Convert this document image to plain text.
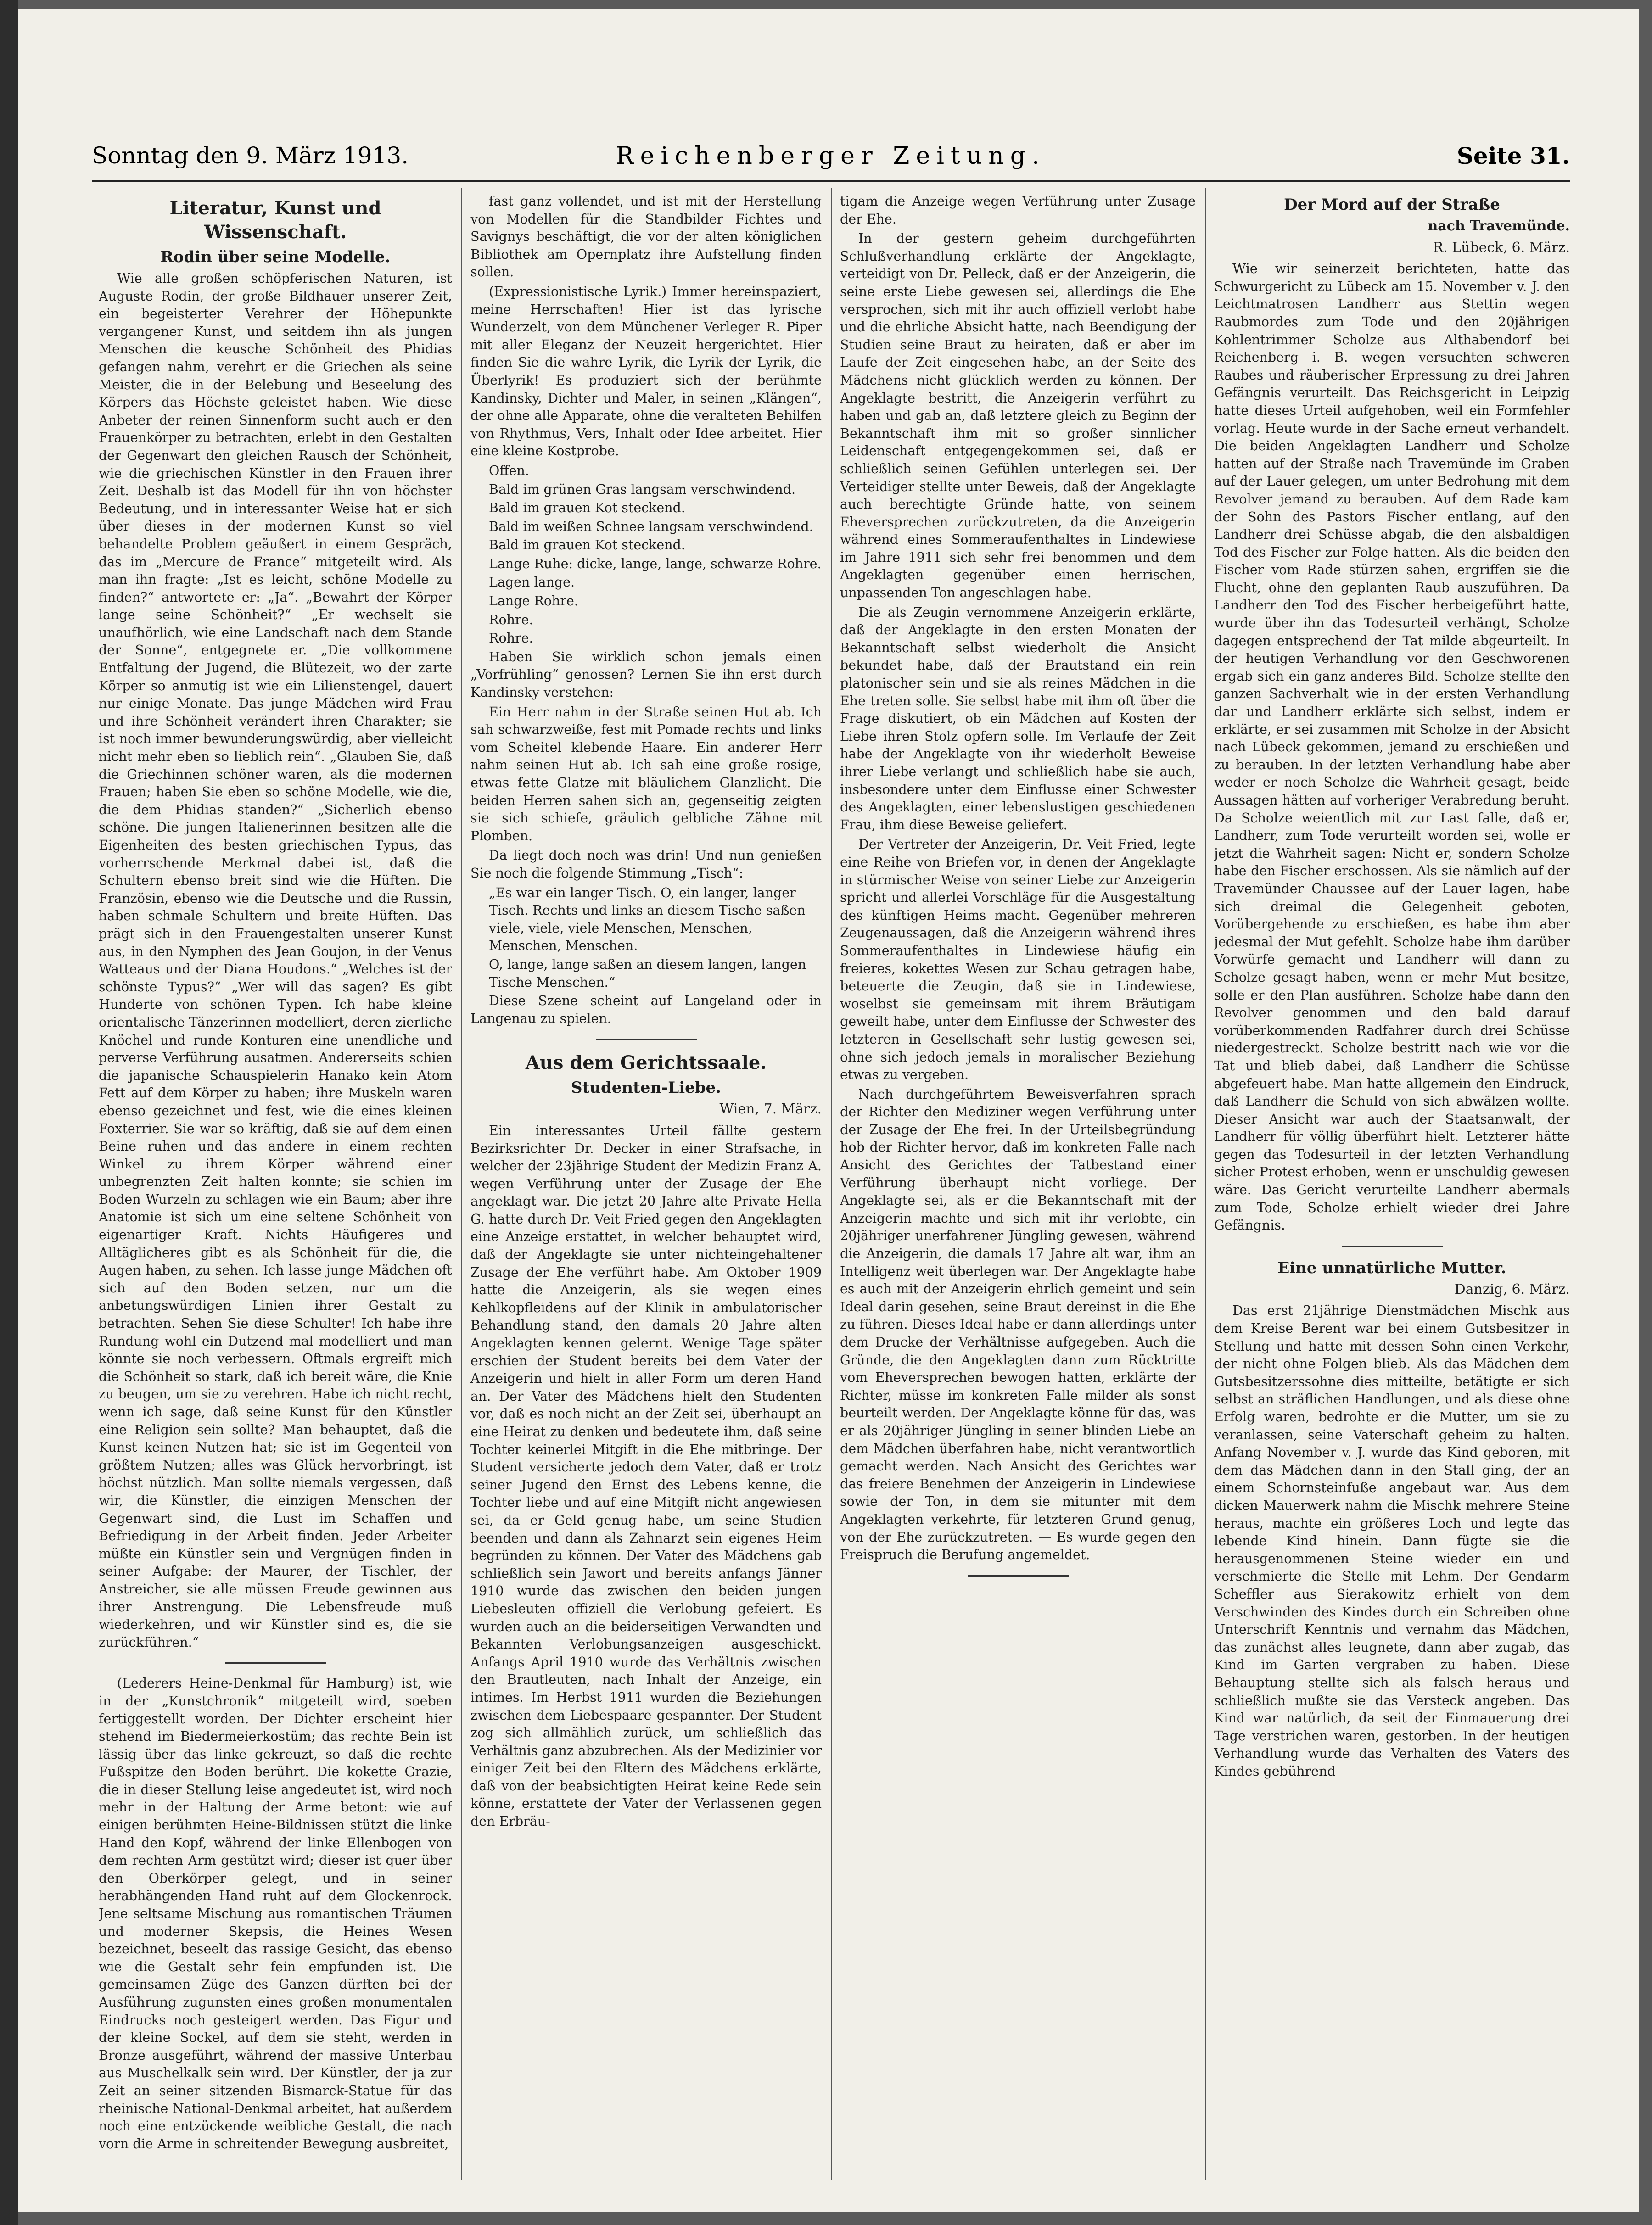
Sonntag den 9. März 1913.	Reichenberger Zeitung.	Seite 31.
Literatur, Kunst und Wissenschaft.
Rodin über seine Modelle.

Wie alle großen schöpferischen Naturen, ist Auguste Rodin, der große Bildhauer unserer Zeit, ein begeisterter Verehrer der Höhepunkte vergangener Kunst, und seitdem ihn als jungen Menschen die keusche Schönheit des Phidias gefangen nahm, verehrt er die Griechen als seine Meister, die in der Belebung und Beseelung des Körpers das Höchste geleistet haben. Wie diese Anbeter der reinen Sinnenform sucht auch er den Frauenkörper zu betrachten, erlebt in den Gestalten der Gegenwart den gleichen Rausch der Schönheit, wie die griechischen Künstler in den Frauen ihrer Zeit. Deshalb ist das Modell für ihn von höchster Bedeutung, und in interessanter Weise hat er sich über dieses in der modernen Kunst so viel behandelte Problem geäußert in einem Gespräch, das im „Mercure de France“ mitgeteilt wird. Als man ihn fragte: „Ist es leicht, schöne Modelle zu finden?“ antwortete er: „Ja“. „Bewahrt der Körper lange seine Schönheit?“ „Er wechselt sie unaufhörlich, wie eine Landschaft nach dem Stande der Sonne“, entgegnete er. „Die vollkommene Entfaltung der Jugend, die Blütezeit, wo der zarte Körper so anmutig ist wie ein Lilienstengel, dauert nur einige Monate. Das junge Mädchen wird Frau und ihre Schönheit verändert ihren Charakter; sie ist noch immer bewunderungswürdig, aber vielleicht nicht mehr eben so lieblich rein“. „Glauben Sie, daß die Griechinnen schöner waren, als die modernen Frauen; haben Sie eben so schöne Modelle, wie die, die dem Phidias standen?“ „Sicherlich ebenso schöne. Die jungen Italienerinnen besitzen alle die Eigenheiten des besten griechischen Typus, das vorherrschende Merkmal dabei ist, daß die Schultern ebenso breit sind wie die Hüften. Die Französin, ebenso wie die Deutsche und die Russin, haben schmale Schultern und breite Hüften. Das prägt sich in den Frauengestalten unserer Kunst aus, in den Nymphen des Jean Goujon, in der Venus Watteaus und der Diana Houdons.“ „Welches ist der schönste Typus?“ „Wer will das sagen? Es gibt Hunderte von schönen Typen. Ich habe kleine orientalische Tänzerinnen modelliert, deren zierliche Knöchel und runde Konturen eine unendliche und perverse Verführung ausatmen. Andererseits schien die japanische Schauspielerin Hanako kein Atom Fett auf dem Körper zu haben; ihre Muskeln waren ebenso gezeichnet und fest, wie die eines kleinen Foxterrier. Sie war so kräftig, daß sie auf dem einen Beine ruhen und das andere in einem rechten Winkel zu ihrem Körper während einer unbegrenzten Zeit halten konnte; sie schien im Boden Wurzeln zu schlagen wie ein Baum; aber ihre Anatomie ist sich um eine seltene Schönheit von eigenartiger Kraft. Nichts Häufigeres und Alltäglicheres gibt es als Schönheit für die, die Augen haben, zu sehen. Ich lasse junge Mädchen oft sich auf den Boden setzen, nur um die anbetungswürdigen Linien ihrer Gestalt zu betrachten. Sehen Sie diese Schulter! Ich habe ihre Rundung wohl ein Dutzend mal modelliert und man könnte sie noch verbessern. Oftmals ergreift mich die Schönheit so stark, daß ich bereit wäre, die Knie zu beugen, um sie zu verehren. Habe ich nicht recht, wenn ich sage, daß seine Kunst für den Künstler eine Religion sein sollte? Man behauptet, daß die Kunst keinen Nutzen hat; sie ist im Gegenteil von größtem Nutzen; alles was Glück hervorbringt, ist höchst nützlich. Man sollte niemals vergessen, daß wir, die Künstler, die einzigen Menschen der Gegenwart sind, die Lust im Schaffen und Befriedigung in der Arbeit finden. Jeder Arbeiter müßte ein Künstler sein und Vergnügen finden in seiner Aufgabe: der Maurer, der Tischler, der Anstreicher, sie alle müssen Freude gewinnen aus ihrer Anstrengung. Die Lebensfreude muß wiederkehren, und wir Künstler sind es, die sie zurückführen.“

(Lederers Heine-Denkmal für Hamburg) ist, wie in der „Kunstchronik“ mitgeteilt wird, soeben fertiggestellt worden. Der Dichter erscheint hier stehend im Biedermeierkostüm; das rechte Bein ist lässig über das linke gekreuzt, so daß die rechte Fußspitze den Boden berührt. Die kokette Grazie, die in dieser Stellung leise angedeutet ist, wird noch mehr in der Haltung der Arme betont: wie auf einigen berühmten Heine-Bildnissen stützt die linke Hand den Kopf, während der linke Ellenbogen von dem rechten Arm gestützt wird; dieser ist quer über den Oberkörper gelegt, und in seiner herabhängenden Hand ruht auf dem Glockenrock. Jene seltsame Mischung aus romantischen Träumen und moderner Skepsis, die Heines Wesen bezeichnet, beseelt das rassige Gesicht, das ebenso wie die Gestalt sehr fein empfunden ist. Die gemeinsamen Züge des Ganzen dürften bei der Ausführung zugunsten eines großen monumentalen Eindrucks noch gesteigert werden. Das Figur und der kleine Sockel, auf dem sie steht, werden in Bronze ausgeführt, während der massive Unterbau aus Muschelkalk sein wird. Der Künstler, der ja zur Zeit an seiner sitzenden Bismarck-Statue für das rheinische National-Denkmal arbeitet, hat außerdem noch eine entzückende weibliche Gestalt, die nach vorn die Arme in schreitender Bewegung ausbreitet,

fast ganz vollendet, und ist mit der Herstellung von Modellen für die Standbilder Fichtes und Savignys beschäftigt, die vor der alten königlichen Bibliothek am Opernplatz ihre Aufstellung finden sollen.

(Expressionistische Lyrik.) Immer hereinspaziert, meine Herrschaften! Hier ist das lyrische Wunderzelt, von dem Münchener Verleger R. Piper mit aller Eleganz der Neuzeit hergerichtet. Hier finden Sie die wahre Lyrik, die Lyrik der Lyrik, die Überlyrik! Es produziert sich der berühmte Kandinsky, Dichter und Maler, in seinen „Klängen“, der ohne alle Apparate, ohne die veralteten Behilfen von Rhythmus, Vers, Inhalt oder Idee arbeitet. Hier eine kleine Kostprobe.

Offen.

Bald im grünen Gras langsam verschwindend.

Bald im grauen Kot steckend.

Bald im weißen Schnee langsam verschwindend.

Bald im grauen Kot steckend.

Lange Ruhe: dicke, lange, lange, schwarze Rohre.

Lagen lange.

Lange Rohre.

Rohre.

Rohre.

Haben Sie wirklich schon jemals einen „Vorfrühling“ genossen? Lernen Sie ihn erst durch Kandinsky verstehen:

Ein Herr nahm in der Straße seinen Hut ab. Ich sah schwarzweiße, fest mit Pomade rechts und links vom Scheitel klebende Haare. Ein anderer Herr nahm seinen Hut ab. Ich sah eine große rosige, etwas fette Glatze mit bläulichem Glanzlicht. Die beiden Herren sahen sich an, gegenseitig zeigten sie sich schiefe, gräulich gelbliche Zähne mit Plomben.

Da liegt doch noch was drin! Und nun genießen Sie noch die folgende Stimmung „Tisch“:

„Es war ein langer Tisch. O, ein langer, langer Tisch. Rechts und links an diesem Tische saßen viele, viele, viele Menschen, Menschen, Menschen, Menschen.

O, lange, lange saßen an diesem langen, langen Tische Menschen.“

Diese Szene scheint auf Langeland oder in Langenau zu spielen.

Aus dem Gerichtssaale.
Studenten-Liebe.
Wien, 7. März.

Ein interessantes Urteil fällte gestern Bezirksrichter Dr. Decker in einer Strafsache, in welcher der 23jährige Student der Medizin Franz A. wegen Verführung unter der Zusage der Ehe angeklagt war. Die jetzt 20 Jahre alte Private Hella G. hatte durch Dr. Veit Fried gegen den Angeklagten eine Anzeige erstattet, in welcher behauptet wird, daß der Angeklagte sie unter nichteingehaltener Zusage der Ehe verführt habe. Am Oktober 1909 hatte die Anzeigerin, als sie wegen eines Kehlkopfleidens auf der Klinik in ambulatorischer Behandlung stand, den damals 20 Jahre alten Angeklagten kennen gelernt. Wenige Tage später erschien der Student bereits bei dem Vater der Anzeigerin und hielt in aller Form um deren Hand an. Der Vater des Mädchens hielt den Studenten vor, daß es noch nicht an der Zeit sei, überhaupt an eine Heirat zu denken und bedeutete ihm, daß seine Tochter keinerlei Mitgift in die Ehe mitbringe. Der Student versicherte jedoch dem Vater, daß er trotz seiner Jugend den Ernst des Lebens kenne, die Tochter liebe und auf eine Mitgift nicht angewiesen sei, da er Geld genug habe, um seine Studien beenden und dann als Zahnarzt sein eigenes Heim begründen zu können. Der Vater des Mädchens gab schließlich sein Jawort und bereits anfangs Jänner 1910 wurde das zwischen den beiden jungen Liebesleuten offiziell die Verlobung gefeiert. Es wurden auch an die beiderseitigen Verwandten und Bekannten Verlobungsanzeigen ausgeschickt. Anfangs April 1910 wurde das Verhältnis zwischen den Brautleuten, nach Inhalt der Anzeige, ein intimes. Im Herbst 1911 wurden die Beziehungen zwischen dem Liebespaare gespannter. Der Student zog sich allmählich zurück, um schließlich das Verhältnis ganz abzubrechen. Als der Medizinier vor einiger Zeit bei den Eltern des Mädchens erklärte, daß von der beabsichtigten Heirat keine Rede sein könne, erstattete der Vater der Verlassenen gegen den Erbräu-

tigam die Anzeige wegen Verführung unter Zusage der Ehe.

In der gestern geheim durchgeführten Schlußverhandlung erklärte der Angeklagte, verteidigt von Dr. Pelleck, daß er der Anzeigerin, die seine erste Liebe gewesen sei, allerdings die Ehe versprochen, sich mit ihr auch offiziell verlobt habe und die ehrliche Absicht hatte, nach Beendigung der Studien seine Braut zu heiraten, daß er aber im Laufe der Zeit eingesehen habe, an der Seite des Mädchens nicht glücklich werden zu können. Der Angeklagte bestritt, die Anzeigerin verführt zu haben und gab an, daß letztere gleich zu Beginn der Bekanntschaft ihm mit so großer sinnlicher Leidenschaft entgegengekommen sei, daß er schließlich seinen Gefühlen unterlegen sei. Der Verteidiger stellte unter Beweis, daß der Angeklagte auch berechtigte Gründe hatte, von seinem Eheversprechen zurückzutreten, da die Anzeigerin während eines Sommeraufenthaltes in Lindewiese im Jahre 1911 sich sehr frei benommen und dem Angeklagten gegenüber einen herrischen, unpassenden Ton angeschlagen habe.

Die als Zeugin vernommene Anzeigerin erklärte, daß der Angeklagte in den ersten Monaten der Bekanntschaft selbst wiederholt die Ansicht bekundet habe, daß der Brautstand ein rein platonischer sein und sie als reines Mädchen in die Ehe treten solle. Sie selbst habe mit ihm oft über die Frage diskutiert, ob ein Mädchen auf Kosten der Liebe ihren Stolz opfern solle. Im Verlaufe der Zeit habe der Angeklagte von ihr wiederholt Beweise ihrer Liebe verlangt und schließlich habe sie auch, insbesondere unter dem Einflusse einer Schwester des Angeklagten, einer lebenslustigen geschiedenen Frau, ihm diese Beweise geliefert.

Der Vertreter der Anzeigerin, Dr. Veit Fried, legte eine Reihe von Briefen vor, in denen der Angeklagte in stürmischer Weise von seiner Liebe zur Anzeigerin spricht und allerlei Vorschläge für die Ausgestaltung des künftigen Heims macht. Gegenüber mehreren Zeugenaussagen, daß die Anzeigerin während ihres Sommeraufenthaltes in Lindewiese häufig ein freieres, kokettes Wesen zur Schau getragen habe, beteuerte die Zeugin, daß sie in Lindewiese, woselbst sie gemeinsam mit ihrem Bräutigam geweilt habe, unter dem Einflusse der Schwester des letzteren in Gesellschaft sehr lustig gewesen sei, ohne sich jedoch jemals in moralischer Beziehung etwas zu vergeben.

Nach durchgeführtem Beweisverfahren sprach der Richter den Mediziner wegen Verführung unter der Zusage der Ehe frei. In der Urteilsbegründung hob der Richter hervor, daß im konkreten Falle nach Ansicht des Gerichtes der Tatbestand einer Verführung überhaupt nicht vorliege. Der Angeklagte sei, als er die Bekanntschaft mit der Anzeigerin machte und sich mit ihr verlobte, ein 20jähriger unerfahrener Jüngling gewesen, während die Anzeigerin, die damals 17 Jahre alt war, ihm an Intelligenz weit überlegen war. Der Angeklagte habe es auch mit der Anzeigerin ehrlich gemeint und sein Ideal darin gesehen, seine Braut dereinst in die Ehe zu führen. Dieses Ideal habe er dann allerdings unter dem Drucke der Verhältnisse aufgegeben. Auch die Gründe, die den Angeklagten dann zum Rücktritte vom Eheversprechen bewogen hatten, erklärte der Richter, müsse im konkreten Falle milder als sonst beurteilt werden. Der Angeklagte könne für das, was er als 20jähriger Jüngling in seiner blinden Liebe an dem Mädchen überfahren habe, nicht verantwortlich gemacht werden. Nach Ansicht des Gerichtes war das freiere Benehmen der Anzeigerin in Lindewiese sowie der Ton, in dem sie mitunter mit dem Angeklagten verkehrte, für letzteren Grund genug, von der Ehe zurückzutreten. — Es wurde gegen den Freispruch die Berufung angemeldet.

Der Mord auf der Straße
nach Travemünde.
R. Lübeck, 6. März.

Wie wir seinerzeit berichteten, hatte das Schwurgericht zu Lübeck am 15. November v. J. den Leichtmatrosen Landherr aus Stettin wegen Raubmordes zum Tode und den 20jährigen Kohlentrimmer Scholze aus Althabendorf bei Reichenberg i. B. wegen versuchten schweren Raubes und räuberischer Erpressung zu drei Jahren Gefängnis verurteilt. Das Reichsgericht in Leipzig hatte dieses Urteil aufgehoben, weil ein Formfehler vorlag. Heute wurde in der Sache erneut verhandelt. Die beiden Angeklagten Landherr und Scholze hatten auf der Straße nach Travemünde im Graben auf der Lauer gelegen, um unter Bedrohung mit dem Revolver jemand zu berauben. Auf dem Rade kam der Sohn des Pastors Fischer entlang, auf den Landherr drei Schüsse abgab, die den alsbaldigen Tod des Fischer zur Folge hatten. Als die beiden den Fischer vom Rade stürzen sahen, ergriffen sie die Flucht, ohne den geplanten Raub auszuführen. Da Landherr den Tod des Fischer herbeigeführt hatte, wurde über ihn das Todesurteil verhängt, Scholze dagegen entsprechend der Tat milde abgeurteilt. In der heutigen Verhandlung vor den Geschworenen ergab sich ein ganz anderes Bild. Scholze stellte den ganzen Sachverhalt wie in der ersten Verhandlung dar und Landherr erklärte sich selbst, indem er erklärte, er sei zusammen mit Scholze in der Absicht nach Lübeck gekommen, jemand zu erschießen und zu berauben. In der letzten Verhandlung habe aber weder er noch Scholze die Wahrheit gesagt, beide Aussagen hätten auf vorheriger Verabredung beruht. Da Scholze weientlich mit zur Last falle, daß er, Landherr, zum Tode verurteilt worden sei, wolle er jetzt die Wahrheit sagen: Nicht er, sondern Scholze habe den Fischer erschossen. Als sie nämlich auf der Travemünder Chaussee auf der Lauer lagen, habe sich dreimal die Gelegenheit geboten, Vorübergehende zu erschießen, es habe ihm aber jedesmal der Mut gefehlt. Scholze habe ihm darüber Vorwürfe gemacht und Landherr will dann zu Scholze gesagt haben, wenn er mehr Mut besitze, solle er den Plan ausführen. Scholze habe dann den Revolver genommen und den bald darauf vorüberkommenden Radfahrer durch drei Schüsse niedergestreckt. Scholze bestritt nach wie vor die Tat und blieb dabei, daß Landherr die Schüsse abgefeuert habe. Man hatte allgemein den Eindruck, daß Landherr die Schuld von sich abwälzen wollte. Dieser Ansicht war auch der Staatsanwalt, der Landherr für völlig überführt hielt. Letzterer hätte gegen das Todesurteil in der letzten Verhandlung sicher Protest erhoben, wenn er unschuldig gewesen wäre. Das Gericht verurteilte Landherr abermals zum Tode, Scholze erhielt wieder drei Jahre Gefängnis.

Eine unnatürliche Mutter.
Danzig, 6. März.

Das erst 21jährige Dienstmädchen Mischk aus dem Kreise Berent war bei einem Gutsbesitzer in Stellung und hatte mit dessen Sohn einen Verkehr, der nicht ohne Folgen blieb. Als das Mädchen dem Gutsbesitzerssohne dies mitteilte, betätigte er sich selbst an sträflichen Handlungen, und als diese ohne Erfolg waren, bedrohte er die Mutter, um sie zu veranlassen, seine Vaterschaft geheim zu halten. Anfang November v. J. wurde das Kind geboren, mit dem das Mädchen dann in den Stall ging, der an einem Schornsteinfuße angebaut war. Aus dem dicken Mauerwerk nahm die Mischk mehrere Steine heraus, machte ein größeres Loch und legte das lebende Kind hinein. Dann fügte sie die herausgenommenen Steine wieder ein und verschmierte die Stelle mit Lehm. Der Gendarm Scheffler aus Sierakowitz erhielt von dem Verschwinden des Kindes durch ein Schreiben ohne Unterschrift Kenntnis und vernahm das Mädchen, das zunächst alles leugnete, dann aber zugab, das Kind im Garten vergraben zu haben. Diese Behauptung stellte sich als falsch heraus und schließlich mußte sie das Versteck angeben. Das Kind war natürlich, da seit der Einmauerung drei Tage verstrichen waren, gestorben. In der heutigen Verhandlung wurde das Verhalten des Vaters des Kindes gebührend
